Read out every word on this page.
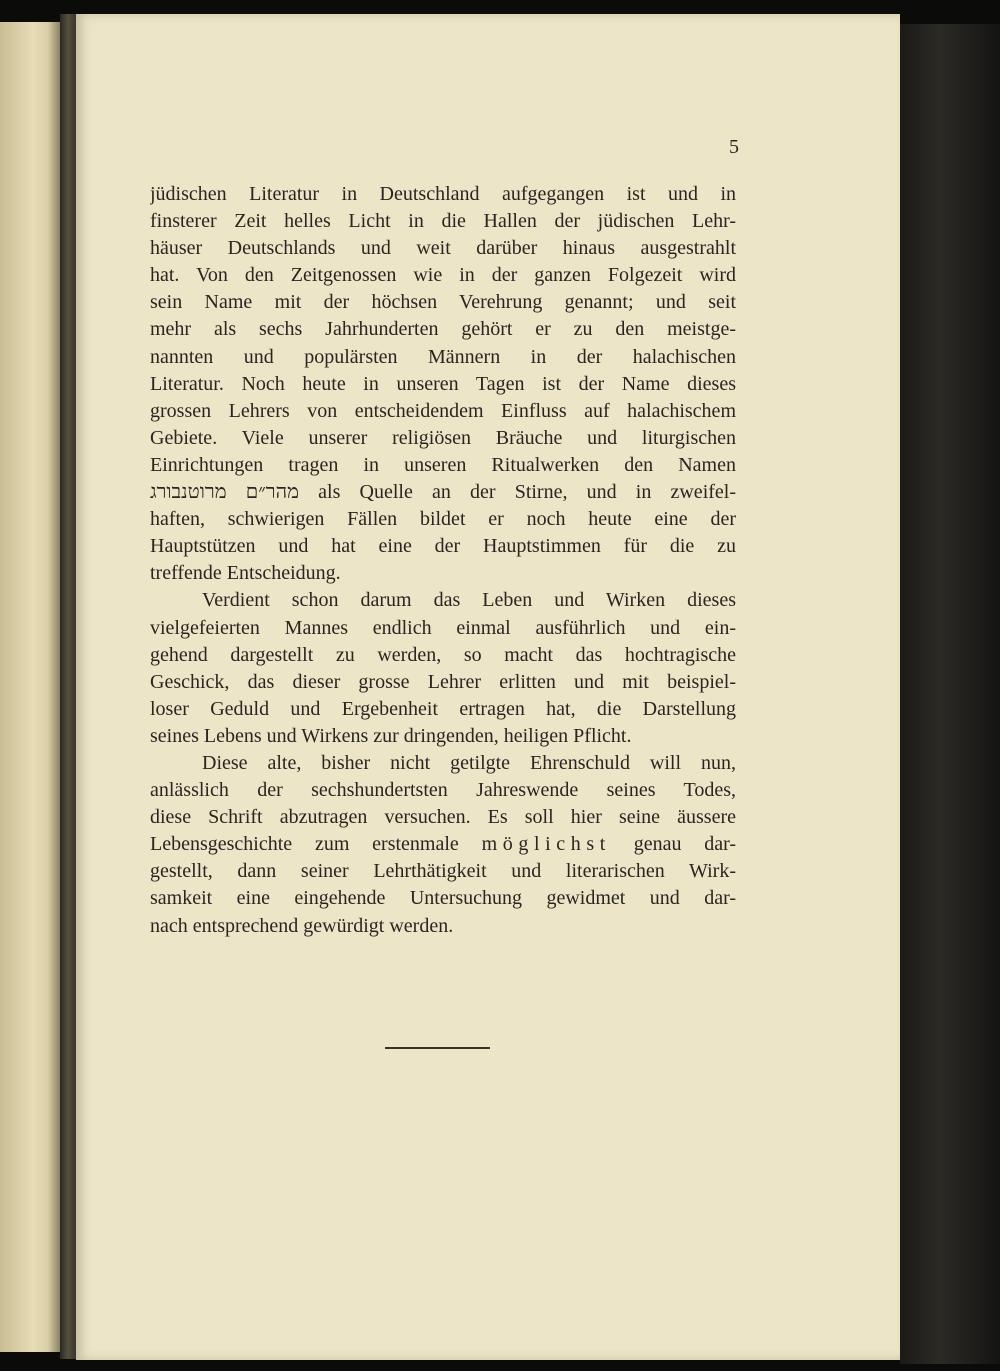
5
jüdischen Literatur in Deutschland aufgegangen ist und in
finsterer Zeit helles Licht in die Hallen der jüdischen Lehr-
häuser Deutschlands und weit darüber hinaus ausgestrahlt
hat. Von den Zeitgenossen wie in der ganzen Folgezeit wird
sein Name mit der höchsen Verehrung genannt; und seit
mehr als sechs Jahrhunderten gehört er zu den meistge-
nannten und populärsten Männern in der halachischen
Literatur. Noch heute in unseren Tagen ist der Name dieses
grossen Lehrers von entscheidendem Einfluss auf halachischem
Gebiete. Viele unserer religiösen Bräuche und liturgischen
Einrichtungen tragen in unseren Ritualwerken den Namen
מהר״ם מרוטנבורג als Quelle an der Stirne, und in zweifel-
haften, schwierigen Fällen bildet er noch heute eine der
Hauptstützen und hat eine der Hauptstimmen für die zu
treffende Entscheidung.
Verdient schon darum das Leben und Wirken dieses
vielgefeierten Mannes endlich einmal ausführlich und ein-
gehend dargestellt zu werden, so macht das hochtragische
Geschick, das dieser grosse Lehrer erlitten und mit beispiel-
loser Geduld und Ergebenheit ertragen hat, die Darstellung
seines Lebens und Wirkens zur dringenden, heiligen Pflicht.
Diese alte, bisher nicht getilgte Ehrenschuld will nun,
anlässlich der sechshundertsten Jahreswende seines Todes,
diese Schrift abzutragen versuchen. Es soll hier seine äussere
Lebensgeschichte zum erstenmale möglichst genau dar-
gestellt, dann seiner Lehrthätigkeit und literarischen Wirk-
samkeit eine eingehende Untersuchung gewidmet und dar-
nach entsprechend gewürdigt werden.
